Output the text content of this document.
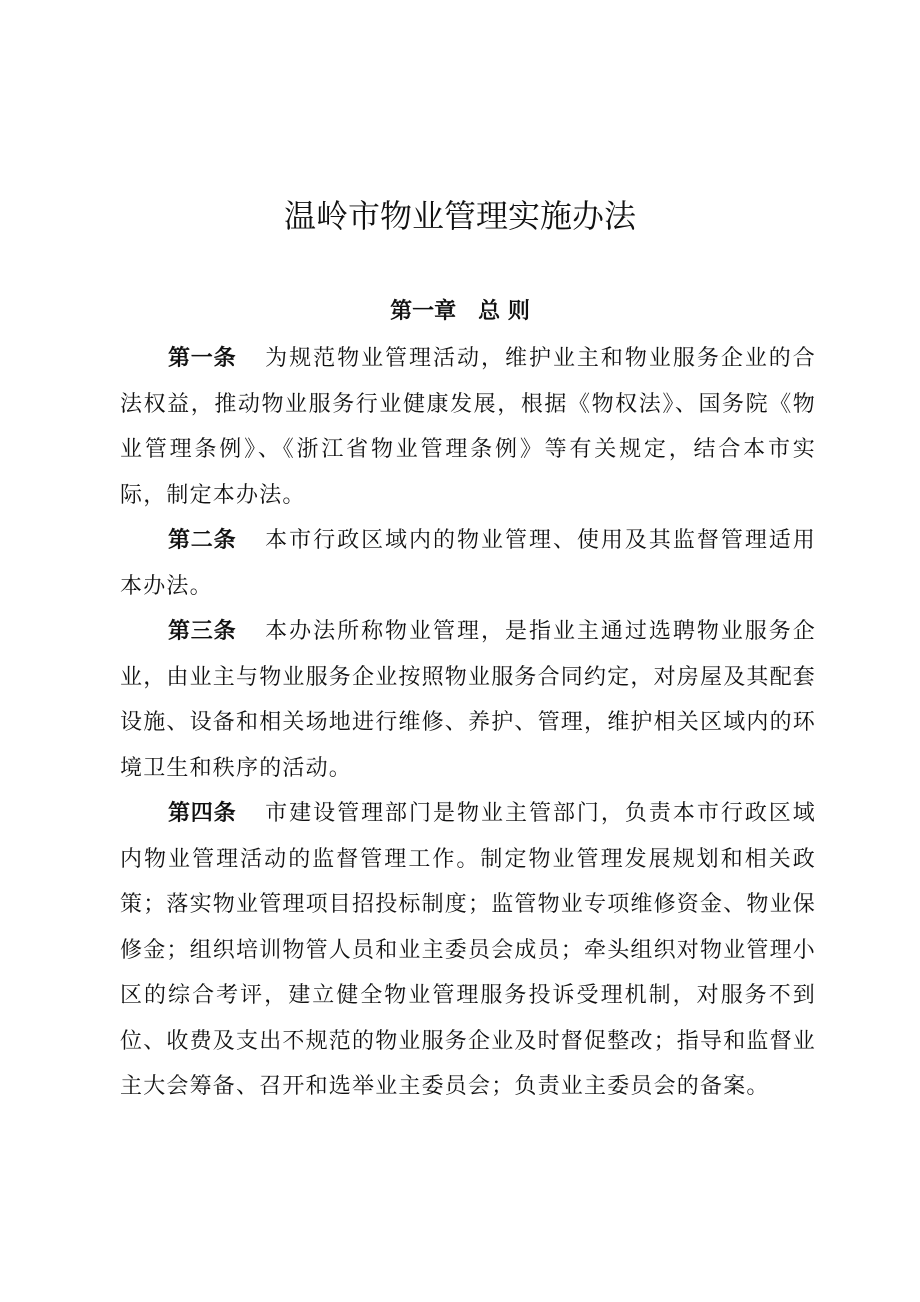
温岭市物业管理实施办法
第一章 总 则

第一条 为规范物业管理活动，维护业主和物业服务企业的合法权益，推动物业服务行业健康发展，根据《物权法》、国务院《物业管理条例》、《浙江省物业管理条例》等有关规定，结合本市实际，制定本办法。

第二条 本市行政区域内的物业管理、使用及其监督管理适用本办法。

第三条 本办法所称物业管理，是指业主通过选聘物业服务企业，由业主与物业服务企业按照物业服务合同约定，对房屋及其配套设施、设备和相关场地进行维修、养护、管理，维护相关区域内的环境卫生和秩序的活动。

第四条 市建设管理部门是物业主管部门，负责本市行政区域内物业管理活动的监督管理工作。制定物业管理发展规划和相关政策；落实物业管理项目招投标制度；监管物业专项维修资金、物业保修金；组织培训物管人员和业主委员会成员；牵头组织对物业管理小区的综合考评，建立健全物业管理服务投诉受理机制，对服务不到位、收费及支出不规范的物业服务企业及时督促整改；指导和监督业主大会筹备、召开和选举业主委员会；负责业主委员会的备案。
